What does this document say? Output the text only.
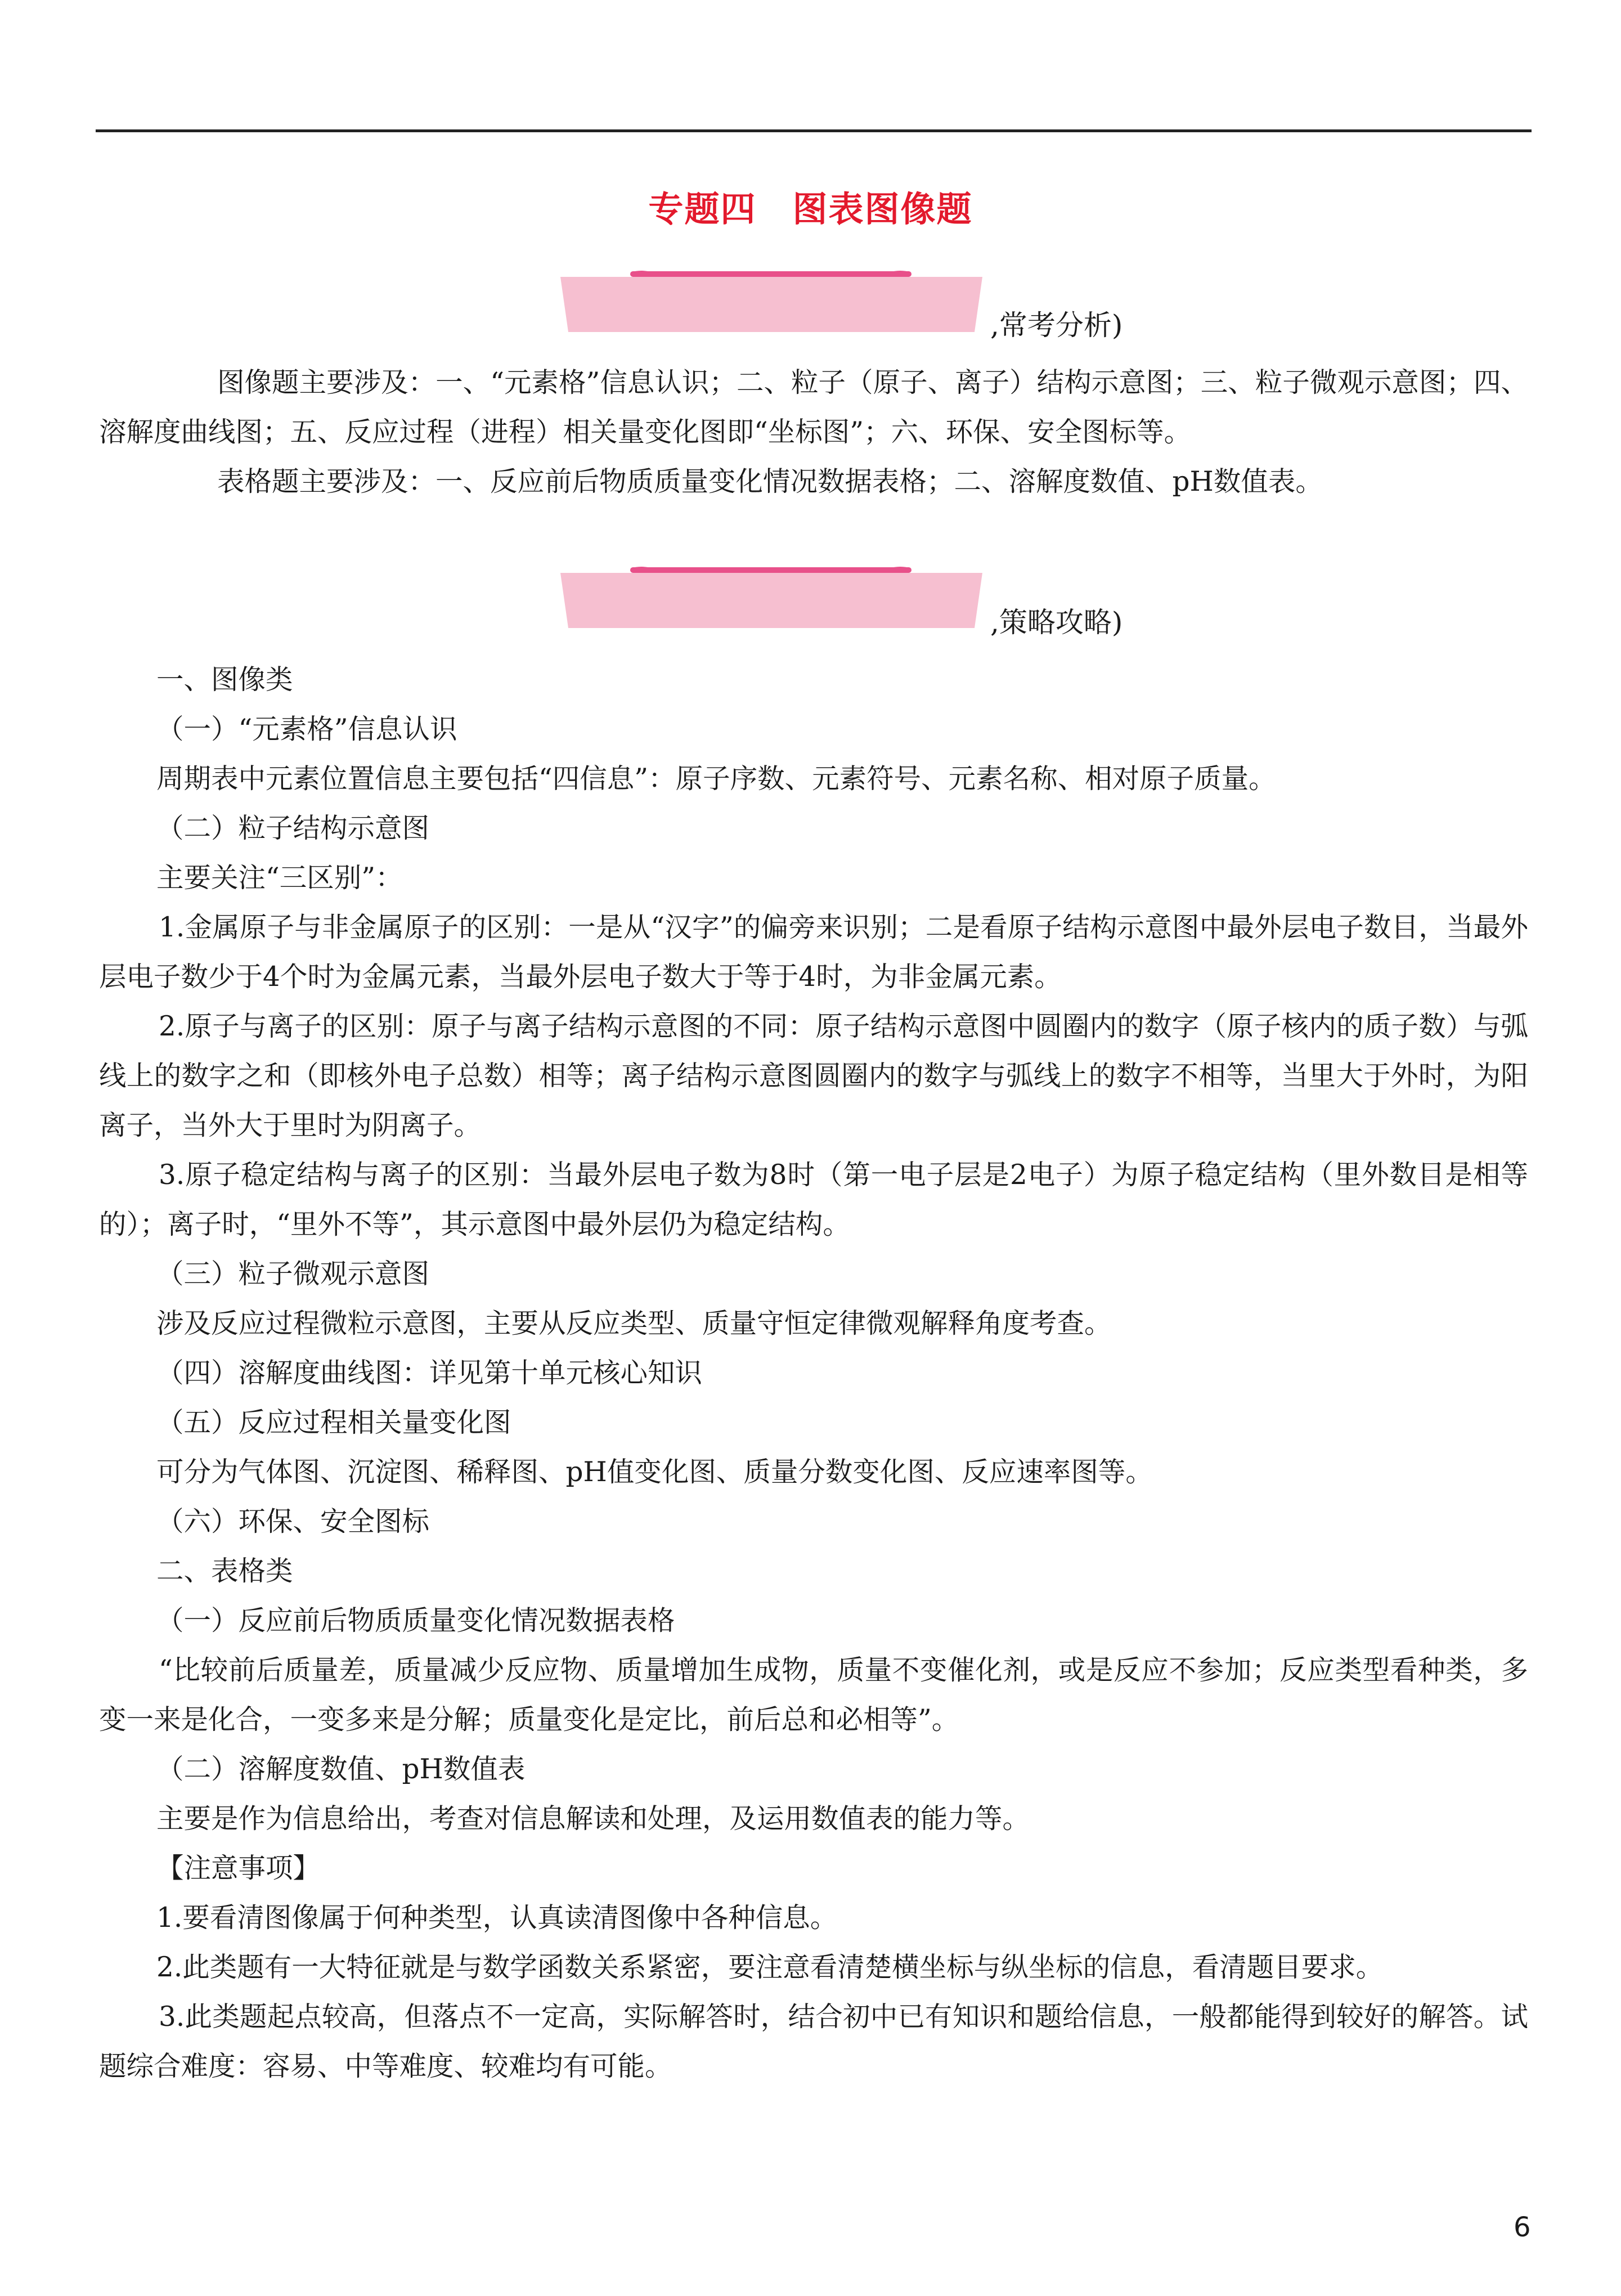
专题四　图表图像题
,常考分析)
图像题主要涉及：一、“元素格”信息认识；二、粒子（原子、离子）结构示意图；三、粒子微观示意图；四、溶解度曲线图；五、反应过程（进程）相关量变化图即“坐标图”；六、环保、安全图标等。
表格题主要涉及：一、反应前后物质质量变化情况数据表格；二、溶解度数值、pH数值表。
,策略攻略)
一、图像类
（一）“元素格”信息认识
周期表中元素位置信息主要包括“四信息”：原子序数、元素符号、元素名称、相对原子质量。
（二）粒子结构示意图
主要关注“三区别”：
1.金属原子与非金属原子的区别：一是从“汉字”的偏旁来识别；二是看原子结构示意图中最外层电子数目，当最外层电子数少于4个时为金属元素，当最外层电子数大于等于4时，为非金属元素。
2.原子与离子的区别：原子与离子结构示意图的不同：原子结构示意图中圆圈内的数字（原子核内的质子数）与弧线上的数字之和（即核外电子总数）相等；离子结构示意图圆圈内的数字与弧线上的数字不相等，当里大于外时，为阳离子，当外大于里时为阴离子。
3.原子稳定结构与离子的区别：当最外层电子数为8时（第一电子层是2电子）为原子稳定结构（里外数目是相等的）；离子时，“里外不等”，其示意图中最外层仍为稳定结构。
（三）粒子微观示意图
涉及反应过程微粒示意图，主要从反应类型、质量守恒定律微观解释角度考查。
（四）溶解度曲线图：详见第十单元核心知识
（五）反应过程相关量变化图
可分为气体图、沉淀图、稀释图、pH值变化图、质量分数变化图、反应速率图等。
（六）环保、安全图标
二、表格类
（一）反应前后物质质量变化情况数据表格
“比较前后质量差，质量减少反应物、质量增加生成物，质量不变催化剂，或是反应不参加；反应类型看种类，多变一来是化合，一变多来是分解；质量变化是定比，前后总和必相等”。
（二）溶解度数值、pH数值表
主要是作为信息给出，考查对信息解读和处理，及运用数值表的能力等。
【注意事项】
1.要看清图像属于何种类型，认真读清图像中各种信息。
2.此类题有一大特征就是与数学函数关系紧密，要注意看清楚横坐标与纵坐标的信息，看清题目要求。
3.此类题起点较高，但落点不一定高，实际解答时，结合初中已有知识和题给信息，一般都能得到较好的解答。试题综合难度：容易、中等难度、较难均有可能。
6
